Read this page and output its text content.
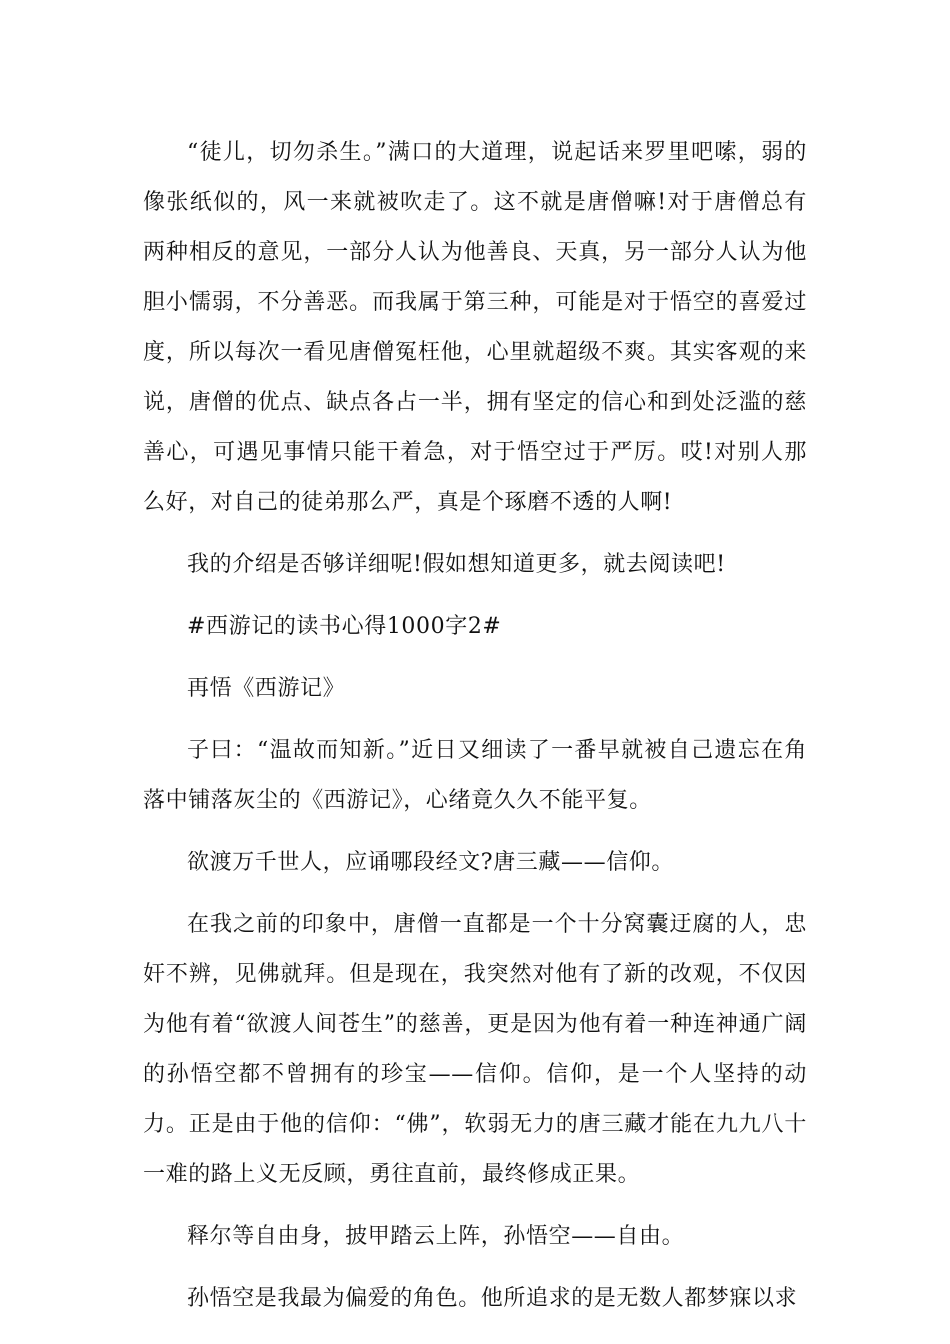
“徒儿，切勿杀生。”满口的大道理，说起话来罗里吧嗦，弱的像张纸似的，风一来就被吹走了。这不就是唐僧嘛!对于唐僧总有两种相反的意见，一部分人认为他善良、天真，另一部分人认为他胆小懦弱，不分善恶。而我属于第三种，可能是对于悟空的喜爱过度，所以每次一看见唐僧冤枉他，心里就超级不爽。其实客观的来说，唐僧的优点、缺点各占一半，拥有坚定的信心和到处泛滥的慈善心，可遇见事情只能干着急，对于悟空过于严厉。哎!对别人那么好，对自己的徒弟那么严，真是个琢磨不透的人啊!

我的介绍是否够详细呢!假如想知道更多，就去阅读吧!

#西游记的读书心得1000字2#

再悟《西游记》

子曰：“温故而知新。”近日又细读了一番早就被自己遗忘在角落中铺落灰尘的《西游记》，心绪竟久久不能平复。

欲渡万千世人，应诵哪段经文?唐三藏——信仰。

在我之前的印象中，唐僧一直都是一个十分窝囊迂腐的人，忠奸不辨，见佛就拜。但是现在，我突然对他有了新的改观，不仅因为他有着“欲渡人间苍生”的慈善，更是因为他有着一种连神通广阔的孙悟空都不曾拥有的珍宝——信仰。信仰，是一个人坚持的动力。正是由于他的信仰：“佛”，软弱无力的唐三藏才能在九九八十一难的路上义无反顾，勇往直前，最终修成正果。

释尔等自由身，披甲踏云上阵，孙悟空——自由。

孙悟空是我最为偏爱的角色。他所追求的是无数人都梦寐以求
